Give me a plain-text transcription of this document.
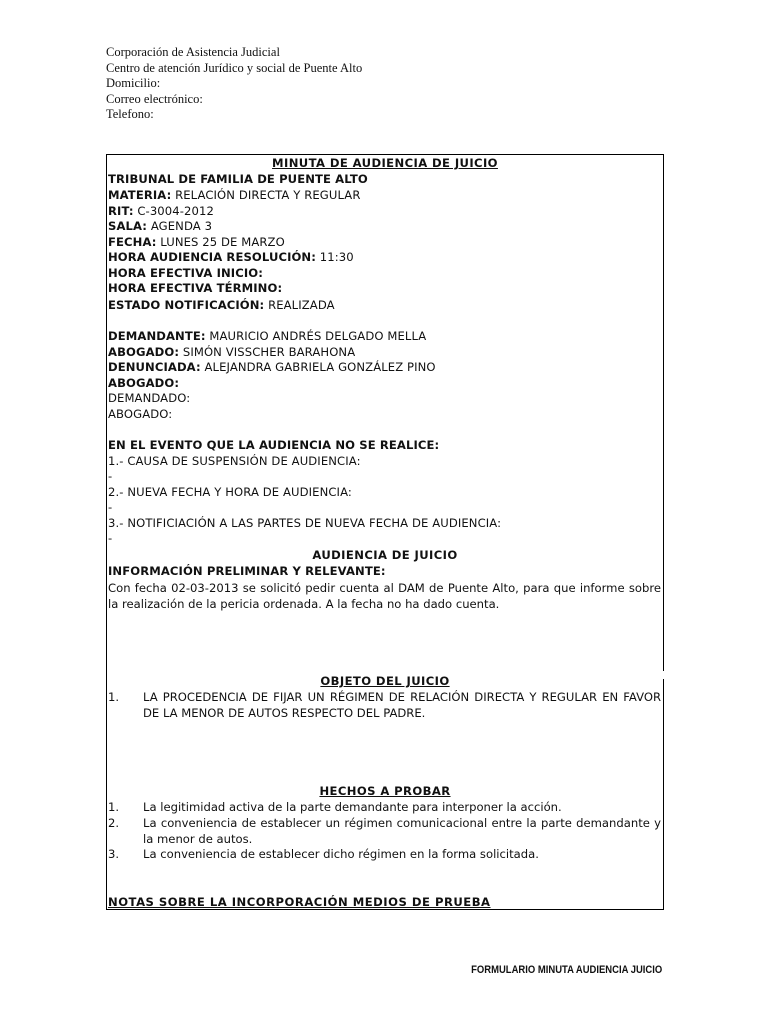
Corporación de Asistencia Judicial
Centro de atención Jurídico y social de Puente Alto
Domicilio:
Correo electrónico:
Telefono:
MINUTA DE AUDIENCIA DE JUICIO
TRIBUNAL DE FAMILIA DE PUENTE ALTO
MATERIA: RELACIÓN DIRECTA Y REGULAR
RIT: C-3004-2012
SALA: AGENDA 3
FECHA: LUNES 25 DE MARZO
HORA AUDIENCIA RESOLUCIÓN: 11:30
HORA EFECTIVA INICIO:
HORA EFECTIVA TÉRMINO:
ESTADO NOTIFICACIÓN: REALIZADA
DEMANDANTE: MAURICIO ANDRÉS DELGADO MELLA
ABOGADO: SIMÓN VISSCHER BARAHONA
DENUNCIADA: ALEJANDRA GABRIELA GONZÁLEZ PINO
ABOGADO:
DEMANDADO:
ABOGADO:
EN EL EVENTO QUE LA AUDIENCIA NO SE REALICE:
1.- CAUSA DE SUSPENSIÓN DE AUDIENCIA:
-
2.- NUEVA FECHA Y HORA DE AUDIENCIA:
-
3.- NOTIFICIACIÓN A LAS PARTES DE NUEVA FECHA DE AUDIENCIA:
-
AUDIENCIA DE JUICIO
INFORMACIÓN PRELIMINAR Y RELEVANTE:
Con fecha 02-03-2013 se solicitó pedir cuenta al DAM de Puente Alto, para que informe sobre la realización de la pericia ordenada. A la fecha no ha dado cuenta.
OBJETO DEL JUICIO
1. LA PROCEDENCIA DE FIJAR UN RÉGIMEN DE RELACIÓN DIRECTA Y REGULAR EN FAVOR DE LA MENOR DE AUTOS RESPECTO DEL PADRE.
HECHOS A PROBAR
1. La legitimidad activa de la parte demandante para interponer la acción.
2. La conveniencia de establecer un régimen comunicacional entre la parte demandante y la menor de autos.
3. La conveniencia de establecer dicho régimen en la forma solicitada.
NOTAS SOBRE LA INCORPORACIÓN MEDIOS DE PRUEBA
FORMULARIO MINUTA AUDIENCIA JUICIO
